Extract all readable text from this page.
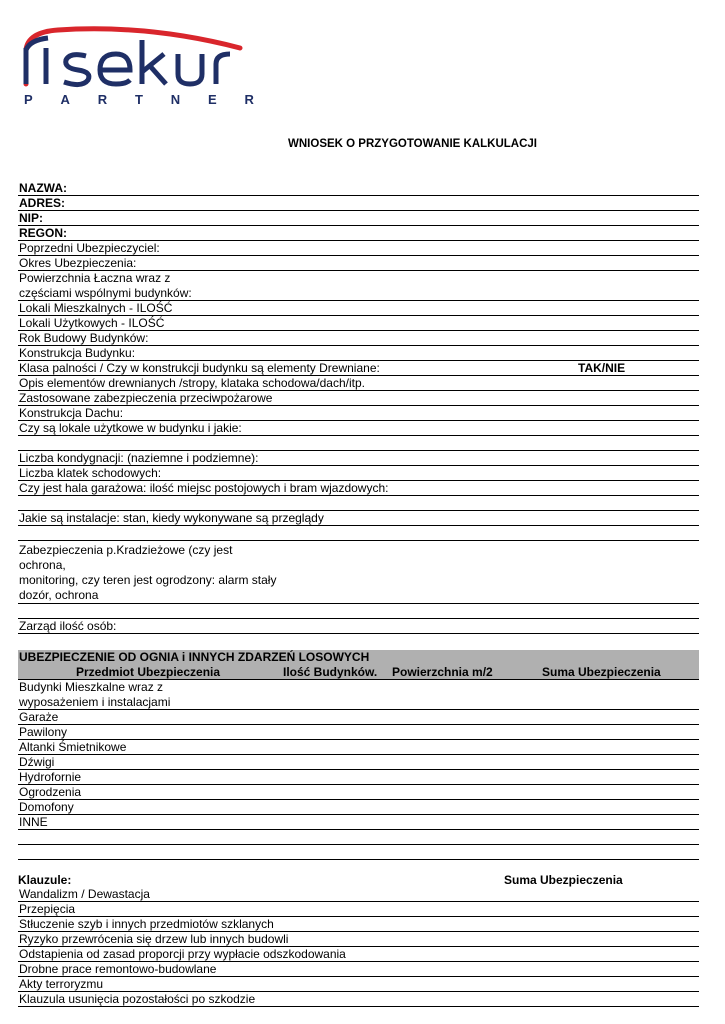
P A R T N E R
WNIOSEK O PRZYGOTOWANIE KALKULACJI
NAZWA:
ADRES:
NIP:
REGON:
Poprzedni Ubezpieczyciel:
Okres Ubezpieczenia:
Powierzchnia Łaczna wraz z
częściami wspólnymi budynków:
Lokali Mieszkalnych - ILOŚĆ
Lokali Użytkowych - ILOŚĆ
Rok Budowy Budynków:
Konstrukcja Budynku:
Klasa palności / Czy w konstrukcji budynku są elementy Drewniane:	TAK/NIE
Opis elementów drewnianych /stropy, klataka schodowa/dach/itp.
Zastosowane zabezpieczenia przeciwpożarowe
Konstrukcja Dachu:
Czy są lokale użytkowe w budynku i jakie:
Liczba kondygnacji: (naziemne i podziemne):
Liczba klatek schodowych:
Czy jest hala garażowa: ilość miejsc postojowych i bram wjazdowych:
Jakie są instalacje: stan, kiedy wykonywane są przeglądy
Zabezpieczenia p.Kradzieżowe (czy jest
ochrona,
monitoring, czy teren jest ogrodzony: alarm stały
dozór, ochrona
Zarząd ilość osób:
UBEZPIECZENIE OD OGNIA i INNYCH ZDARZEŃ LOSOWYCH
Przedmiot Ubezpieczenia	Ilość Budynków. Powierzchnia m/2	Suma Ubezpieczenia
Budynki Mieszkalne wraz z
wyposażeniem i instalacjami
Garaże
Pawilony
Altanki Śmietnikowe
Dźwigi
Hydrofornie
Ogrodzenia
Domofony
INNE
Klauzule:	Suma Ubezpieczenia
Wandalizm / Dewastacja
Przepięcia
Stłuczenie szyb i innych przedmiotów szklanych
Ryzyko przewrócenia się drzew lub innych budowli
Odstapienia od zasad proporcji przy wypłacie odszkodowania
Drobne prace remontowo-budowlane
Akty terroryzmu
Klauzula usunięcia pozostałości po szkodzie
